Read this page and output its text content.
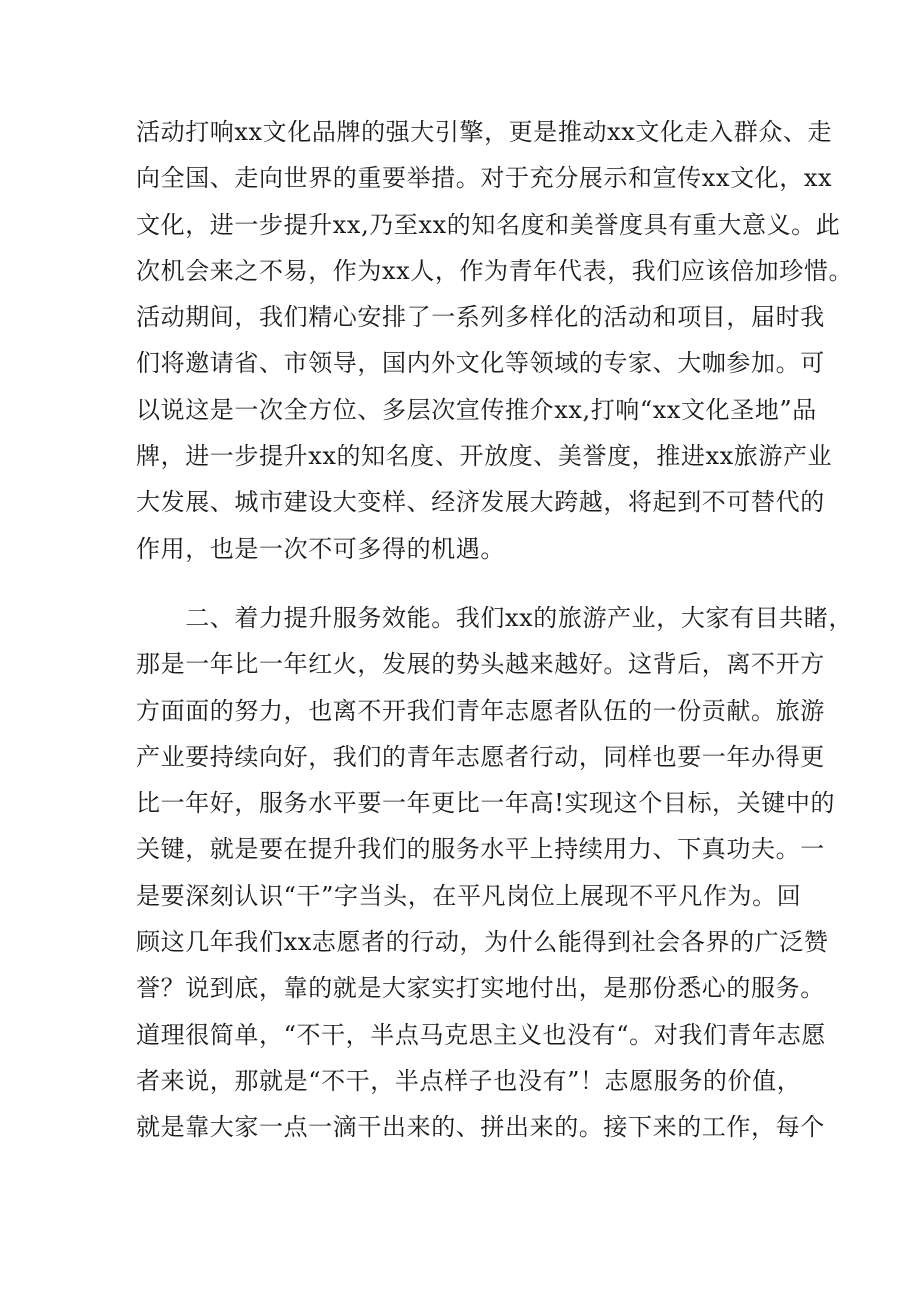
活动打响xx文化品牌的强大引擎，更是推动xx文化走入群众、走
向全国、走向世界的重要举措。对于充分展示和宣传xx文化，xx
文化，进一步提升xx,乃至xx的知名度和美誉度具有重大意义。此
次机会来之不易，作为xx人，作为青年代表，我们应该倍加珍惜。
活动期间，我们精心安排了一系列多样化的活动和项目，届时我
们将邀请省、市领导，国内外文化等领域的专家、大咖参加。可
以说这是一次全方位、多层次宣传推介xx,打响“xx文化圣地”品
牌，进一步提升xx的知名度、开放度、美誉度，推进xx旅游产业
大发展、城市建设大变样、经济发展大跨越，将起到不可替代的
作用，也是一次不可多得的机遇。
　　二、着力提升服务效能。我们xx的旅游产业，大家有目共睹，
那是一年比一年红火，发展的势头越来越好。这背后，离不开方
方面面的努力，也离不开我们青年志愿者队伍的一份贡献。旅游
产业要持续向好，我们的青年志愿者行动，同样也要一年办得更
比一年好，服务水平要一年更比一年高!实现这个目标，关键中的
关键，就是要在提升我们的服务水平上持续用力、下真功夫。一
是要深刻认识“干”字当头，在平凡岗位上展现不平凡作为。回
顾这几年我们xx志愿者的行动，为什么能得到社会各界的广泛赞
誉？说到底，靠的就是大家实打实地付出，是那份悉心的服务。
道理很简单，“不干，半点马克思主义也没有“。对我们青年志愿
者来说，那就是“不干，半点样子也没有”！志愿服务的价值，
就是靠大家一点一滴干出来的、拼出来的。接下来的工作，每个
